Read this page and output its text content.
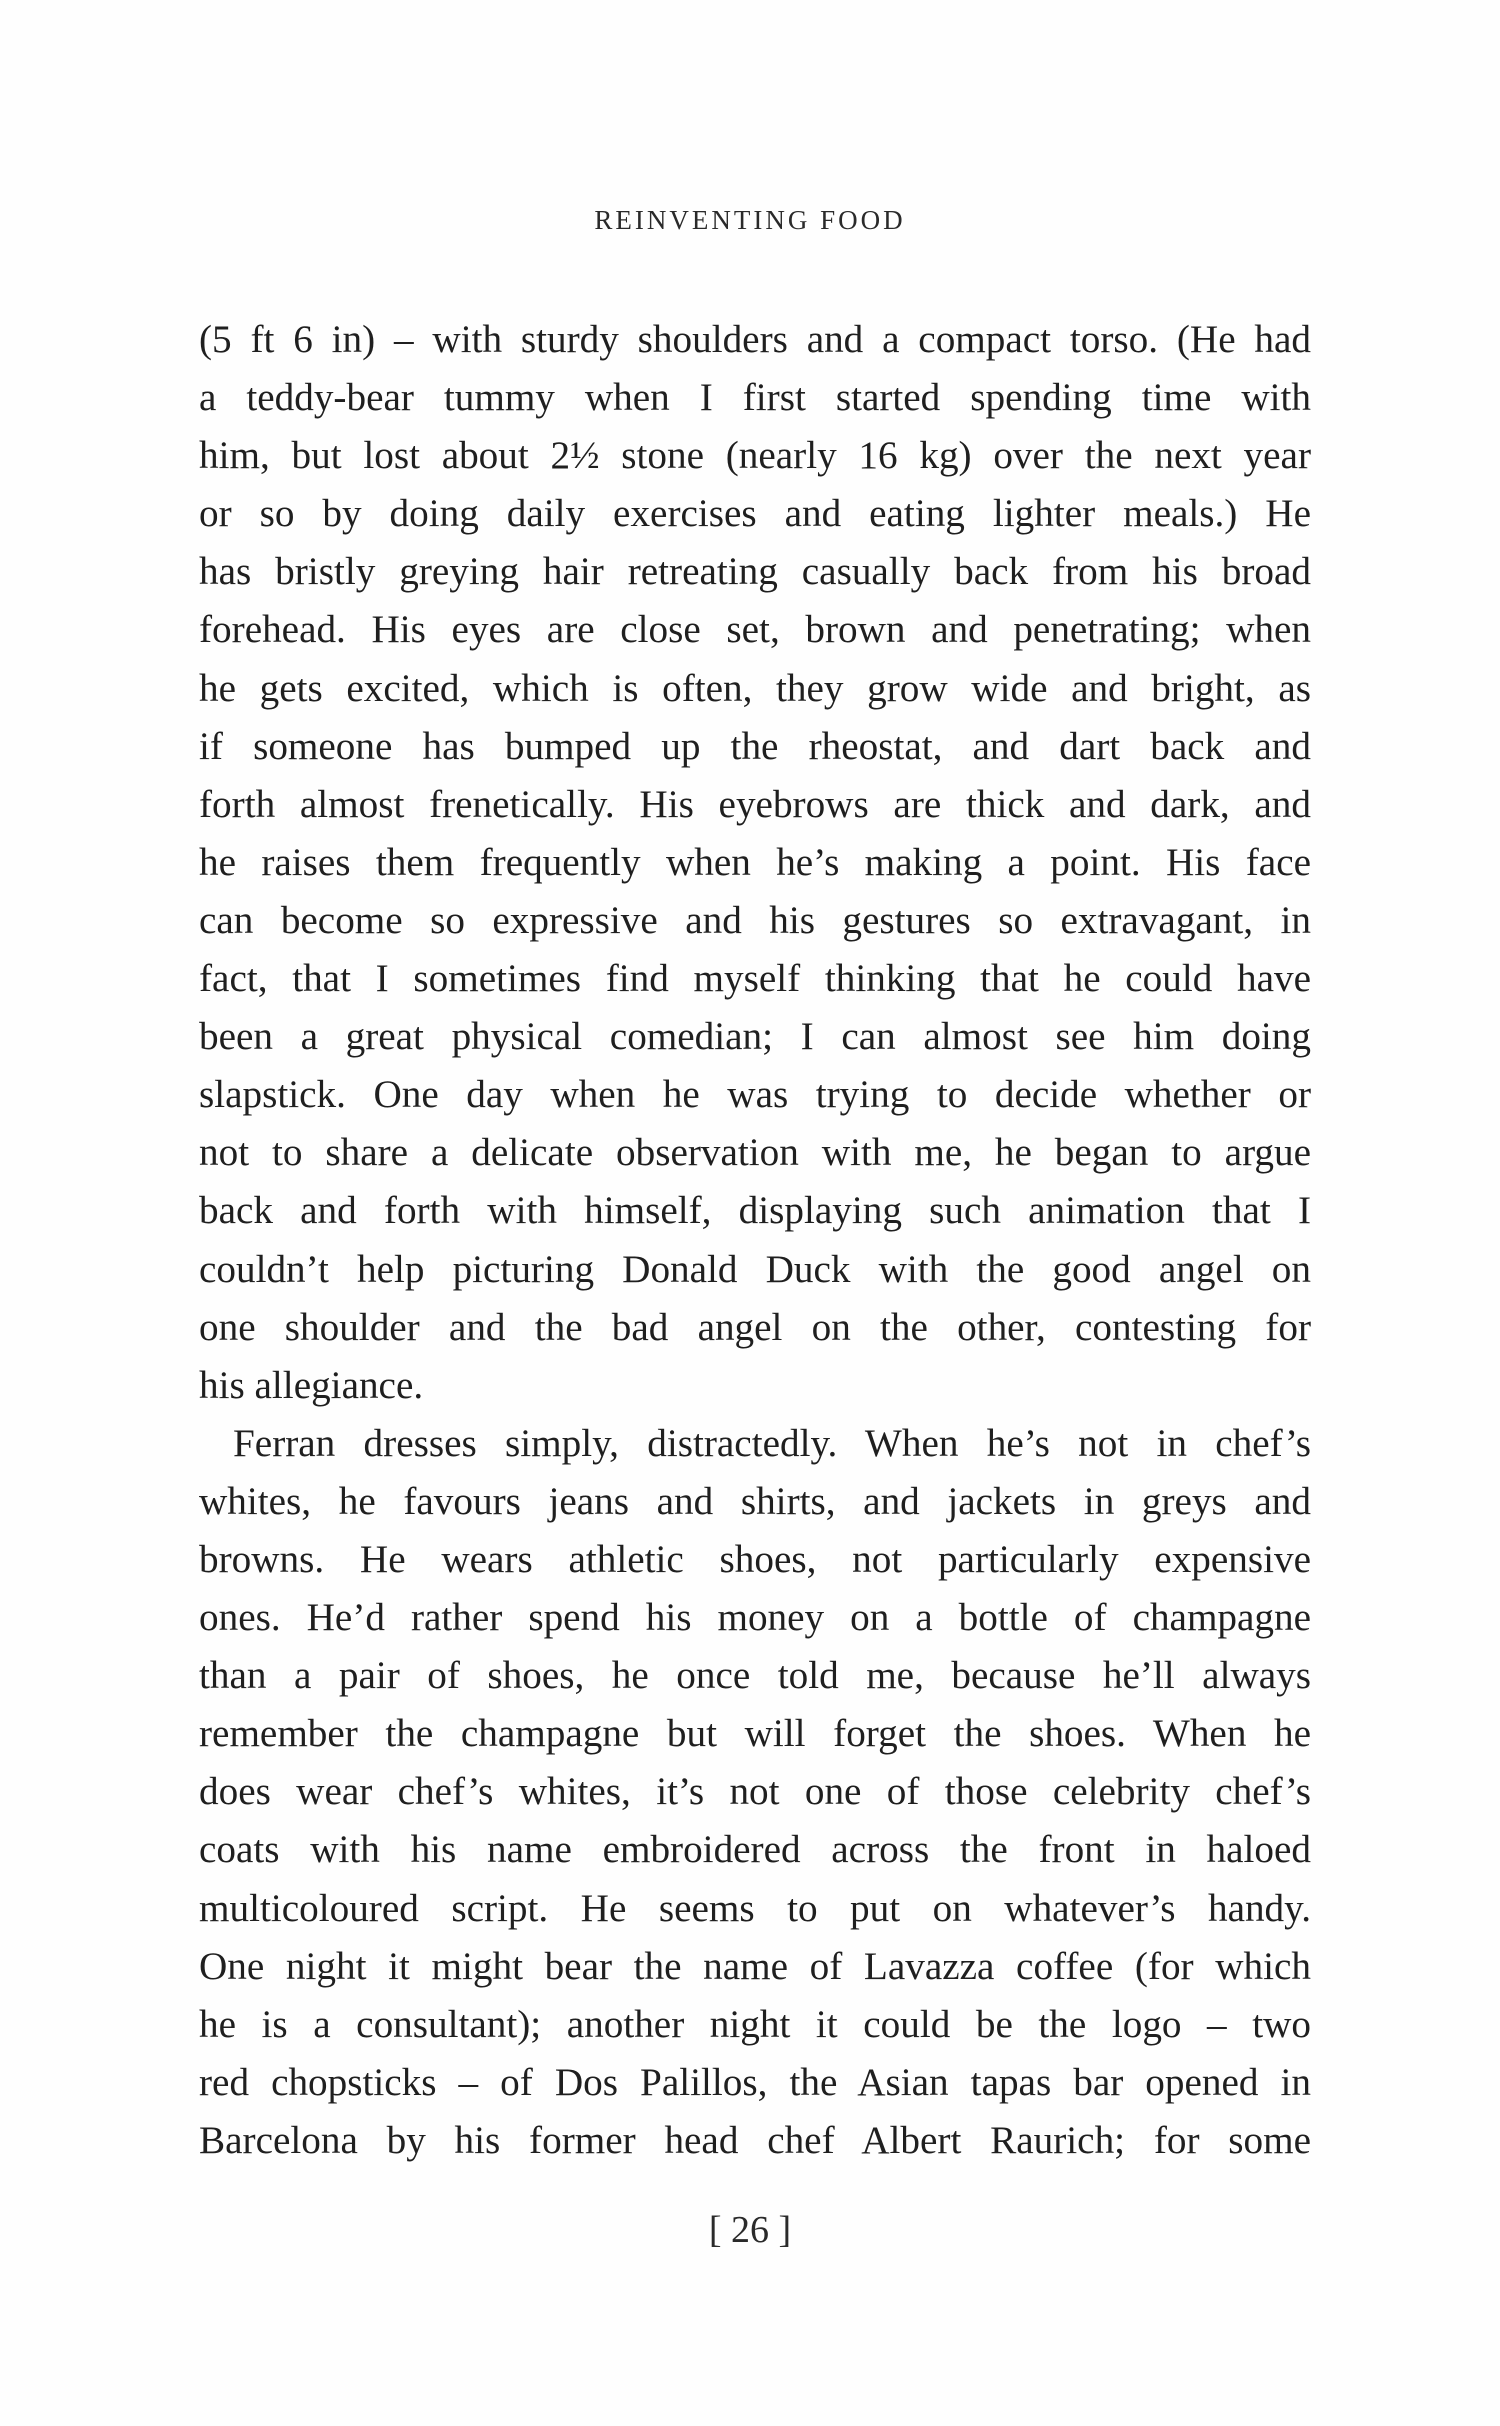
REINVENTING FOOD
(5 ft 6 in) – with sturdy shoulders and a compact torso. (He had
a teddy-bear tummy when I first started spending time with
him, but lost about 2½ stone (nearly 16 kg) over the next year
or so by doing daily exercises and eating lighter meals.) He
has bristly greying hair retreating casually back from his broad
forehead. His eyes are close set, brown and penetrating; when
he gets excited, which is often, they grow wide and bright, as
if someone has bumped up the rheostat, and dart back and
forth almost frenetically. His eyebrows are thick and dark, and
he raises them frequently when he’s making a point. His face
can become so expressive and his gestures so extravagant, in
fact, that I sometimes find myself thinking that he could have
been a great physical comedian; I can almost see him doing
slapstick. One day when he was trying to decide whether or
not to share a delicate observation with me, he began to argue
back and forth with himself, displaying such animation that I
couldn’t help picturing Donald Duck with the good angel on
one shoulder and the bad angel on the other, contesting for
his allegiance.
Ferran dresses simply, distractedly. When he’s not in chef’s
whites, he favours jeans and shirts, and jackets in greys and
browns. He wears athletic shoes, not particularly expensive
ones. He’d rather spend his money on a bottle of champagne
than a pair of shoes, he once told me, because he’ll always
remember the champagne but will forget the shoes. When he
does wear chef’s whites, it’s not one of those celebrity chef’s
coats with his name embroidered across the front in haloed
multicoloured script. He seems to put on whatever’s handy.
One night it might bear the name of Lavazza coffee (for which
he is a consultant); another night it could be the logo – two
red chopsticks – of Dos Palillos, the Asian tapas bar opened in
Barcelona by his former head chef Albert Raurich; for some
[ 26 ]
